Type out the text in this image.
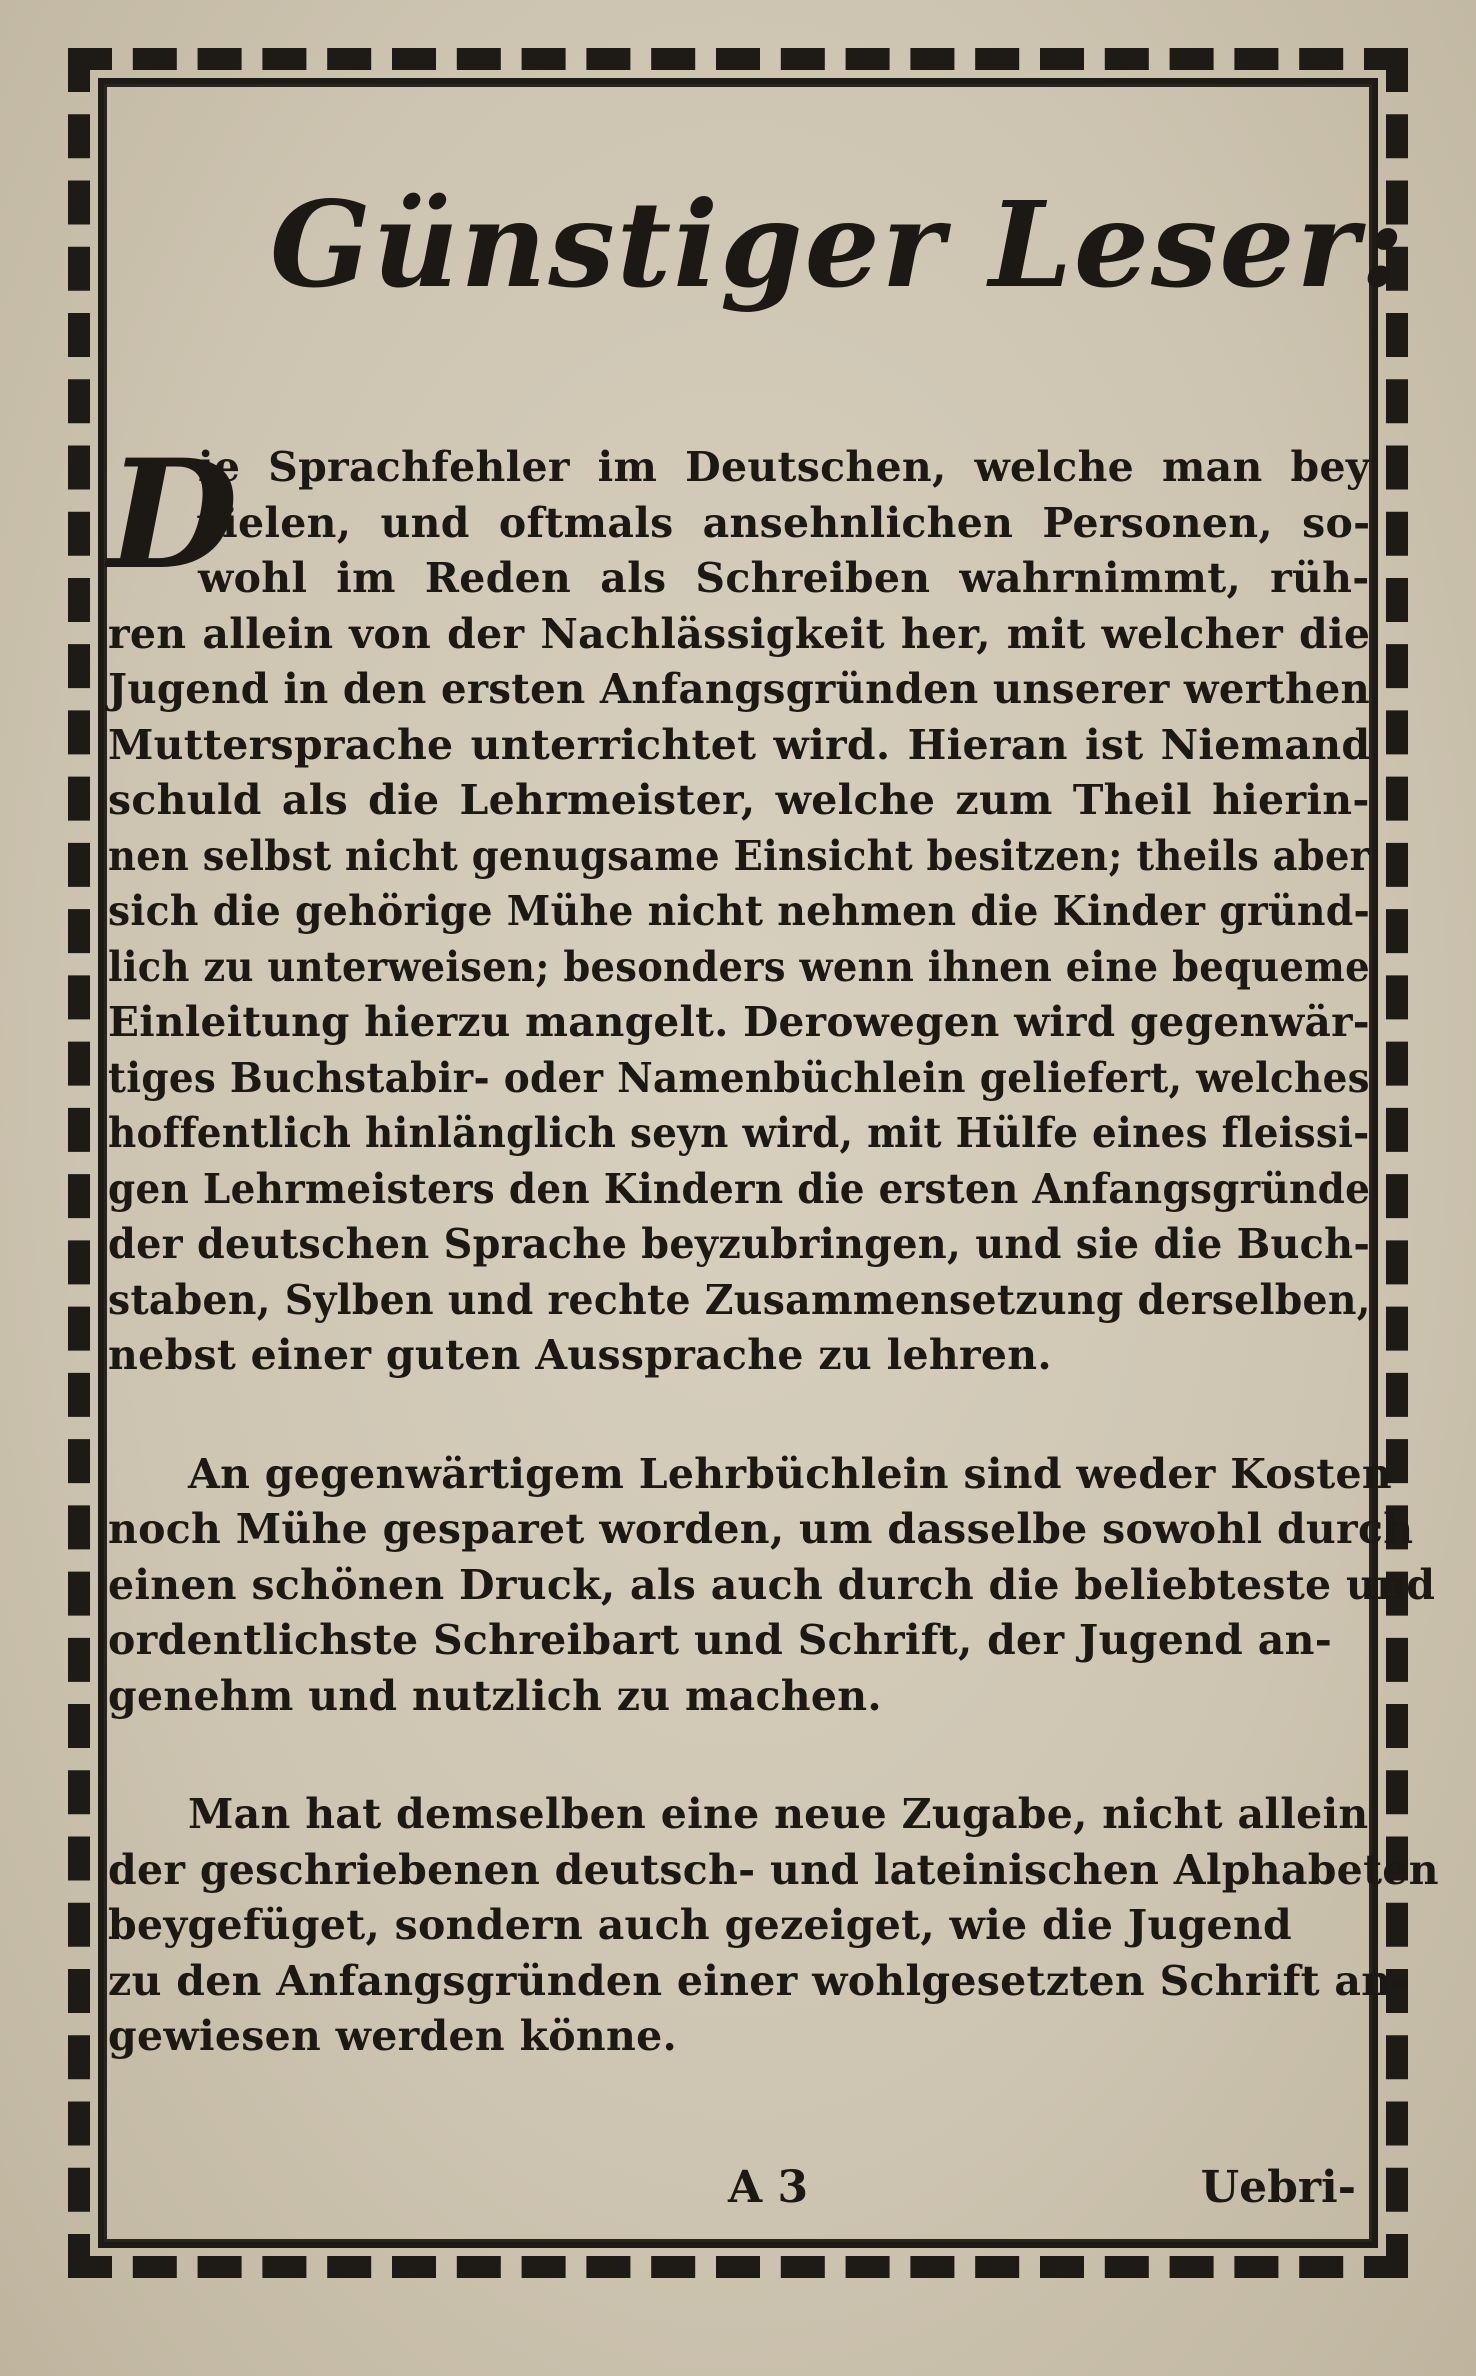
Günstiger Leser:
D
ie Sprachfehler im Deutschen, welche man bey
vielen, und oftmals ansehnlichen Personen, so-
wohl im Reden als Schreiben wahrnimmt, rüh-
ren allein von der Nachlässigkeit her, mit welcher die
Jugend in den ersten Anfangsgründen unserer werthen
Muttersprache unterrichtet wird. Hieran ist Niemand
schuld als die Lehrmeister, welche zum Theil hierin-
nen selbst nicht genugsame Einsicht besitzen; theils aber
sich die gehörige Mühe nicht nehmen die Kinder gründ-
lich zu unterweisen; besonders wenn ihnen eine bequeme
Einleitung hierzu mangelt. Derowegen wird gegenwär-
tiges Buchstabir- oder Namenbüchlein geliefert, welches
hoffentlich hinlänglich seyn wird, mit Hülfe eines fleissi-
gen Lehrmeisters den Kindern die ersten Anfangsgründe
der deutschen Sprache beyzubringen, und sie die Buch-
staben, Sylben und rechte Zusammensetzung derselben,
nebst einer guten Aussprache zu lehren.
An gegenwärtigem Lehrbüchlein sind weder Kosten
noch Mühe gesparet worden, um dasselbe sowohl durch
einen schönen Druck, als auch durch die beliebteste und
ordentlichste Schreibart und Schrift, der Jugend an-
genehm und nutzlich zu machen.
Man hat demselben eine neue Zugabe, nicht allein
der geschriebenen deutsch- und lateinischen Alphabeten
beygefüget, sondern auch gezeiget, wie die Jugend
zu den Anfangsgründen einer wohlgesetzten Schrift an-
gewiesen werden könne.
A 3	Uebri-
